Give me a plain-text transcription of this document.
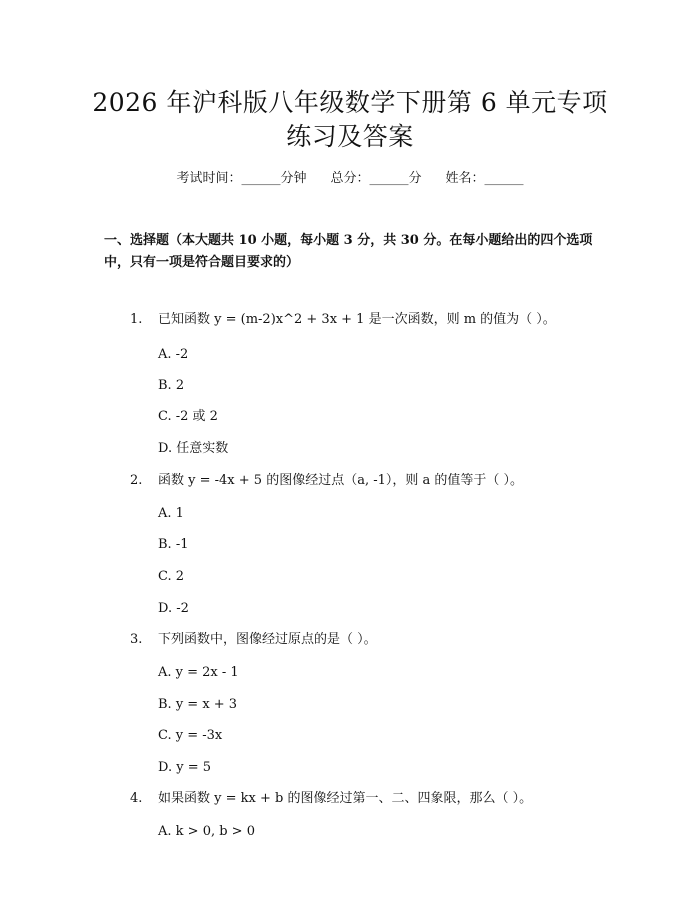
2026 年沪科版八年级数学下册第 6 单元专项
练习及答案
考试时间：______分钟 总分：______分 姓名：______
一、选择题（本大题共 10 小题，每小题 3 分，共 30 分。在每小题给出的四个选项中，只有一项是符合题目要求的）
1. 已知函数 y = (m-2)x^2 + 3x + 1 是一次函数，则 m 的值为（ ）。
A. -2
B. 2
C. -2 或 2
D. 任意实数
2. 函数 y = -4x + 5 的图像经过点（a, -1），则 a 的值等于（ ）。
A. 1
B. -1
C. 2
D. -2
3. 下列函数中，图像经过原点的是（ ）。
A. y = 2x - 1
B. y = x + 3
C. y = -3x
D. y = 5
4. 如果函数 y = kx + b 的图像经过第一、二、四象限，那么（ ）。
A. k > 0, b > 0
